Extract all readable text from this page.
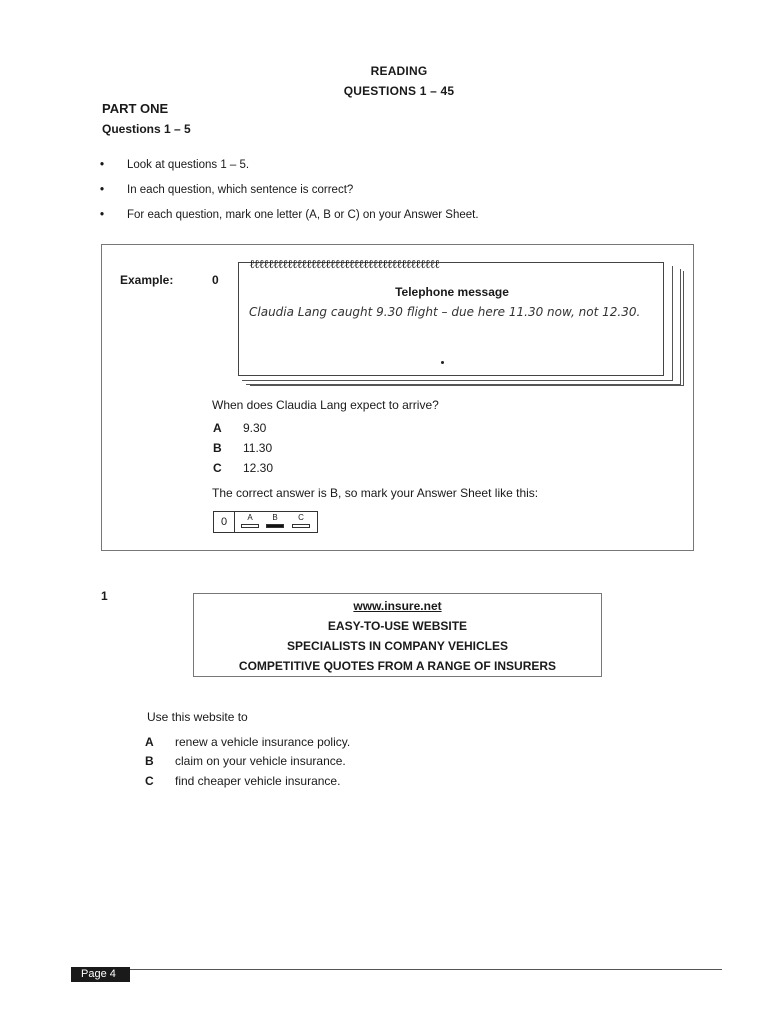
READING
QUESTIONS 1 – 45
PART ONE
Questions 1 – 5
•	Look at questions 1 – 5.
•	In each question, which sentence is correct?
•	For each question, mark one letter (A, B or C) on your Answer Sheet.
Example:	0
ℓℓℓℓℓℓℓℓℓℓℓℓℓℓℓℓℓℓℓℓℓℓℓℓℓℓℓℓℓℓℓℓℓℓℓℓℓℓℓℓ
Telephone message
Claudia Lang caught 9.30 flight – due here 11.30 now, not 12.30.
When does Claudia Lang expect to arrive?
A	9.30
B	11.30
C	12.30
The correct answer is B, so mark your Answer Sheet like this:
0	A	B	C
1
www.insure.net
EASY-TO-USE WEBSITE
SPECIALISTS IN COMPANY VEHICLES
COMPETITIVE QUOTES FROM A RANGE OF INSURERS
Use this website to
A	renew a vehicle insurance policy.
B	claim on your vehicle insurance.
C	find cheaper vehicle insurance.
Page 4
